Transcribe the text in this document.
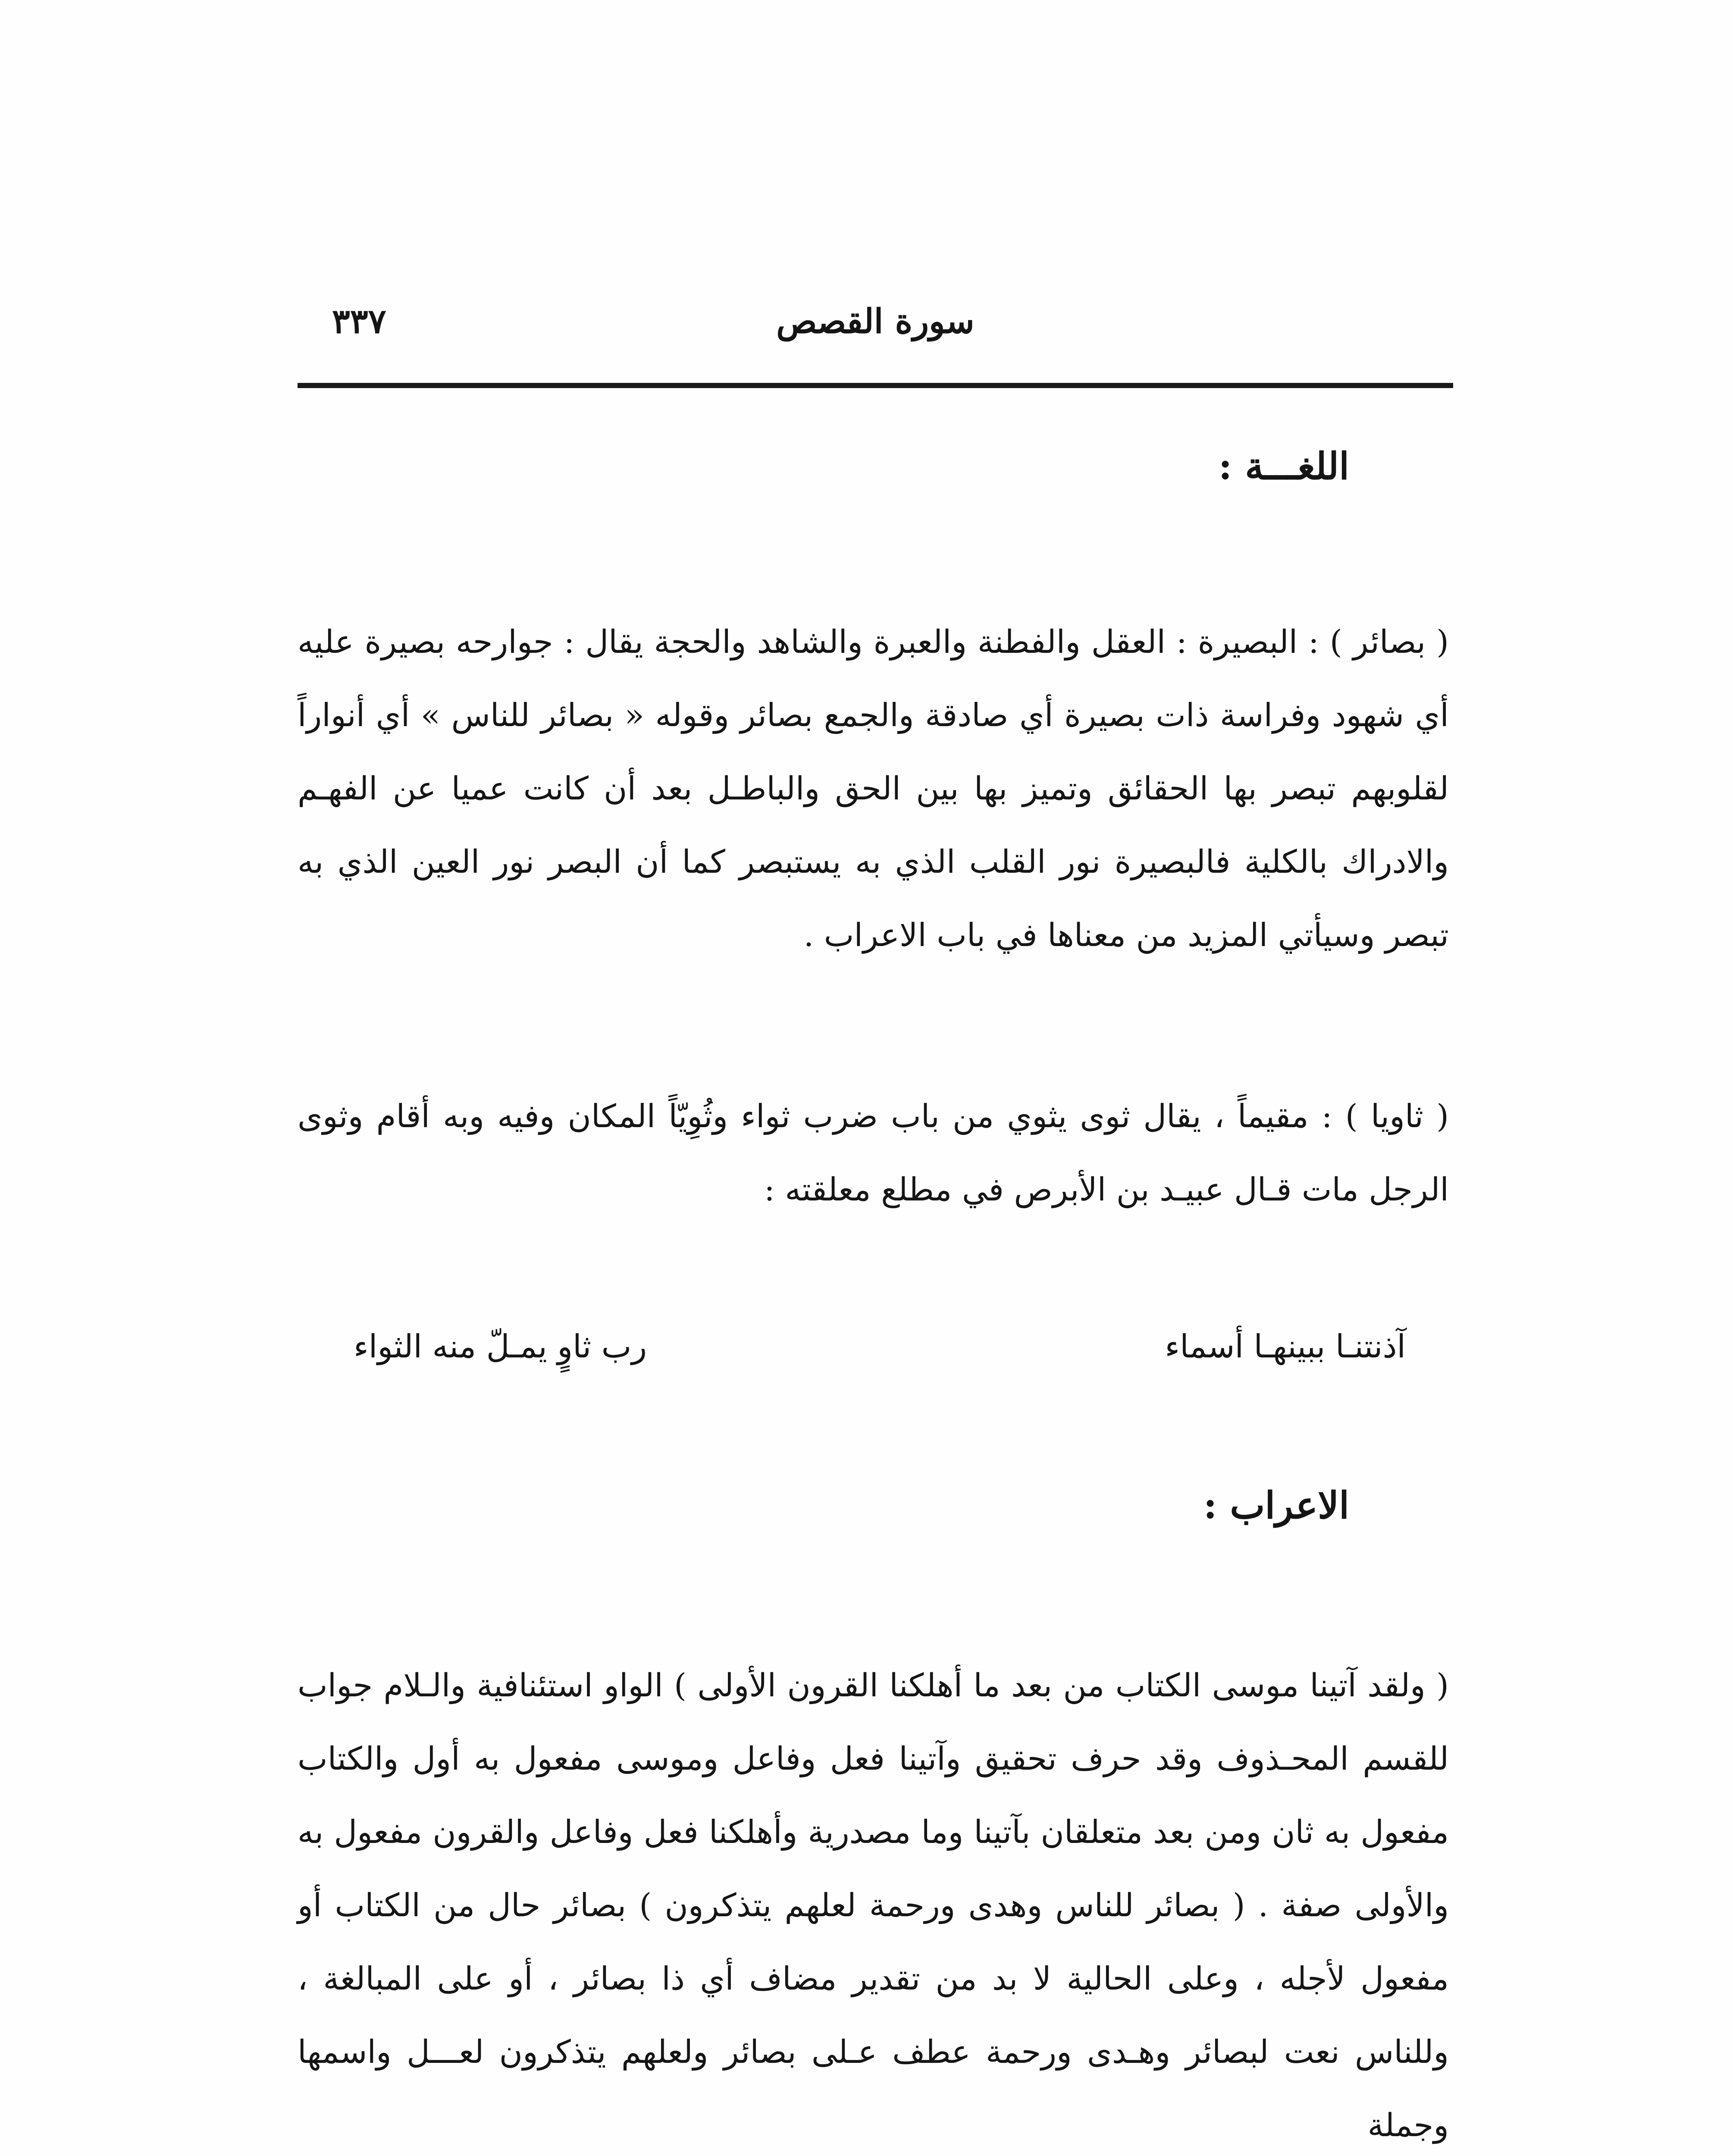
٣٣٧	سورة القصص
اللغـــة :

( بصائر ) : البصيرة : العقل والفطنة والعبرة والشاهد والحجة يقال : جوارحه بصيرة عليه أي شهود وفراسة ذات بصيرة أي صادقة والجمع بصائر وقوله « بصائر للناس » أي أنواراً لقلوبهم تبصر بها الحقائق وتميز بها بين الحق والباطـل بعد أن كانت عميا عن الفهـم والادراك بالكلية فالبصيرة نور القلب الذي به يستبصر كما أن البصر نور العين الذي به تبصر وسيأتي المزيد من معناها في باب الاعراب .

( ثاويا ) : مقيماً ، يقال ثوى يثوي من باب ضرب ثواء وثُوِيّاً المكان وفيه وبه أقام وثوى الرجل مات قـال عبيـد بن الأبرص في مطلع معلقته :

آذنتنـا ببينهـا أسماء
رب ثاوٍ يمـلّ منه الثواء
الاعراب :

( ولقد آتينا موسى الكتاب من بعد ما أهلكنا القرون الأولى ) الواو استئنافية والـلام جواب للقسم المحـذوف وقد حرف تحقيق وآتينا فعل وفاعل وموسى مفعول به أول والكتاب مفعول به ثان ومن بعد متعلقان بآتينا وما مصدرية وأهلكنا فعل وفاعل والقرون مفعول به والأولى صفة . ( بصائر للناس وهدى ورحمة لعلهم يتذكرون ) بصائر حال من الكتاب أو مفعول لأجله ، وعلى الحالية لا بد من تقدير مضاف أي ذا بصائر ، أو على المبالغة ، وللناس نعت لبصائر وهـدى ورحمة عطف عـلى بصائر ولعلهم يتذكرون لعـــل واسمها وجملة
